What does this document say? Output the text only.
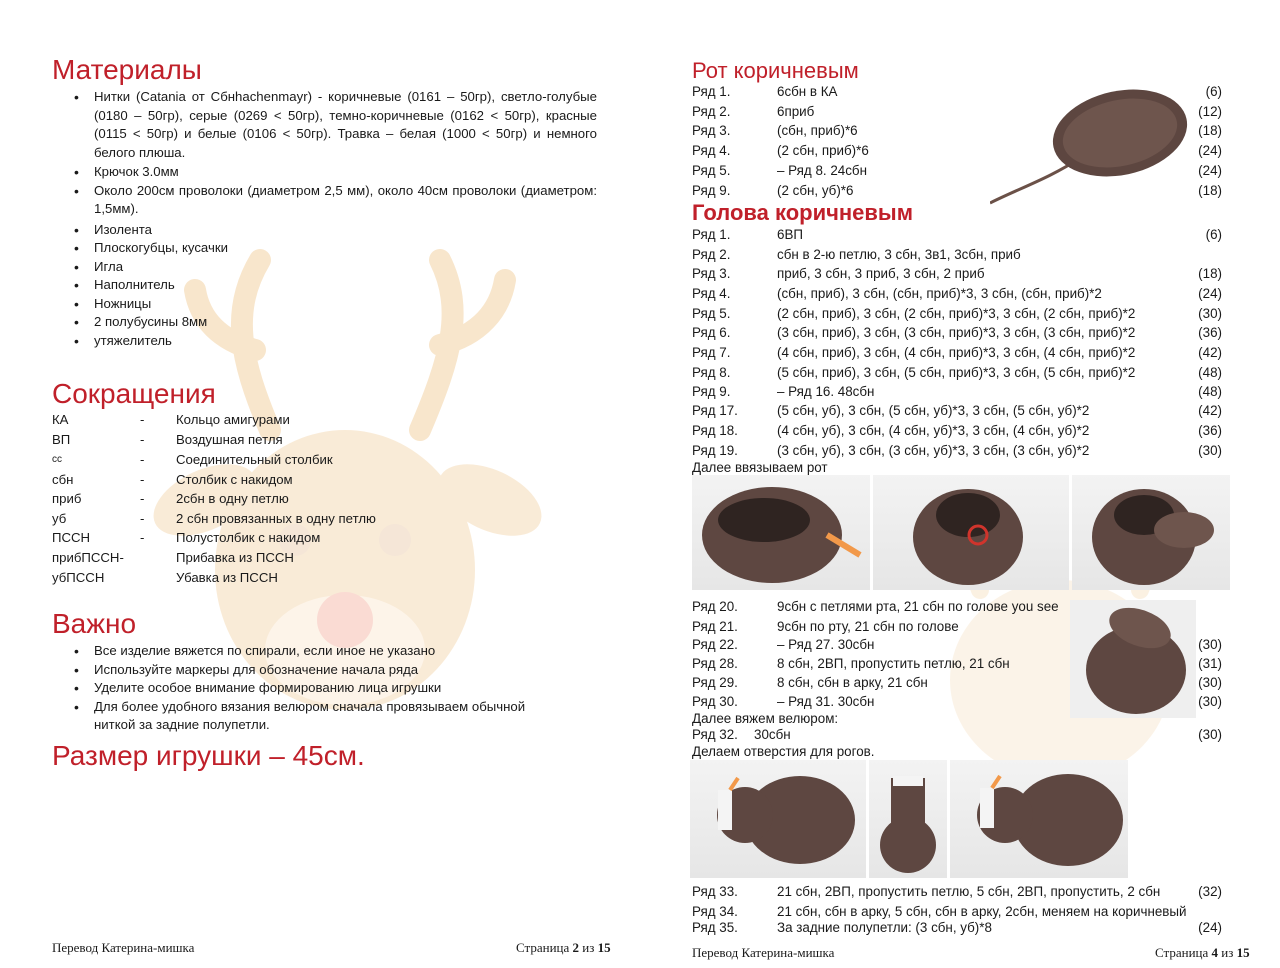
Материалы
• Нитки (Catania от Cбнhachenmayr) - коричневые (0161 – 50гр), светло-голубые (0180 – 50гр), серые (0269 < 50гр), темно-коричневые (0162 < 50гр), красные (0115 < 50гр) и белые (0106 < 50гр). Травка – белая (1000 < 50гр) и немного белого плюша.
• Крючок 3.0мм
• Около 200см проволоки (диаметром 2,5 мм), около 40см проволоки (диаметром: 1,5мм).
• Изолента
• Плоскогубцы, кусачки
• Игла
• Наполнитель
• Ножницы
• 2 полубусины 8мм
• утяжелитель
Сокращения
КА	- Кольцо амигурами
ВП	- Воздушная петля
сс	- Соединительный столбик
сбн	- Столбик с накидом
приб	- 2сбн в одну петлю
уб	- 2 сбн провязанных в одну петлю
ПССН	- Полустолбик с накидом
прибПССН-	Прибавка из ПССН
убПССН	Убавка из ПССН
Важно
• Все изделие вяжется по спирали, если иное не указано
• Используйте маркеры для обозначение начала ряда
• Уделите особое внимание формированию лица игрушки
• Для более удобного вязания велюром сначала провязываем обычной ниткой за задние полупетли.
Размер игрушки – 45см.
Перевод Катерина-мишка	Страница 2 из 15
Рот коричневым
Ряд 1.	6сбн в КА	(6)
Ряд 2.	6приб	(12)
Ряд 3.	(сбн, приб)*6	(18)
Ряд 4.	(2 сбн, приб)*6	(24)
Ряд 5.	– Ряд 8. 24сбн	(24)
Ряд 9.	(2 сбн, уб)*6	(18)
Голова коричневым
Ряд 1.	6ВП	(6)
Ряд 2.	сбн в 2-ю петлю, 3 сбн, 3в1, 3сбн, приб
Ряд 3.	приб, 3 сбн, 3 приб, 3 сбн, 2 приб	(18)
Ряд 4.	(сбн, приб), 3 сбн, (сбн, приб)*3, 3 сбн, (сбн, приб)*2	(24)
Ряд 5.	(2 сбн, приб), 3 сбн, (2 сбн, приб)*3, 3 сбн, (2 сбн, приб)*2	(30)
Ряд 6.	(3 сбн, приб), 3 сбн, (3 сбн, приб)*3, 3 сбн, (3 сбн, приб)*2	(36)
Ряд 7.	(4 сбн, приб), 3 сбн, (4 сбн, приб)*3, 3 сбн, (4 сбн, приб)*2	(42)
Ряд 8.	(5 сбн, приб), 3 сбн, (5 сбн, приб)*3, 3 сбн, (5 сбн, приб)*2	(48)
Ряд 9.	– Ряд 16. 48сбн	(48)
Ряд 17.	(5 сбн, уб), 3 сбн, (5 сбн, уб)*3, 3 сбн, (5 сбн, уб)*2	(42)
Ряд 18.	(4 сбн, уб), 3 сбн, (4 сбн, уб)*3, 3 сбн, (4 сбн, уб)*2	(36)
Ряд 19.	(3 сбн, уб), 3 сбн, (3 сбн, уб)*3, 3 сбн, (3 сбн, уб)*2	(30)
Далее ввязываем рот
Ряд 20.	9сбн с петлями рта, 21 сбн по голове you see
Ряд 21.	9сбн по рту, 21 сбн по голове
Ряд 22.	– Ряд 27. 30сбн	(30)
Ряд 28.	8 сбн, 2ВП, пропустить петлю, 21 сбн	(31)
Ряд 29.	8 сбн, сбн в арку, 21 сбн	(30)
Ряд 30.	– Ряд 31. 30сбн	(30)
Далее вяжем велюром:
Ряд 32. 30сбн	(30)
Делаем отверстия для рогов.
Ряд 33.	21 сбн, 2ВП, пропустить петлю, 5 сбн, 2ВП, пропустить, 2 сбн	(32)
Ряд 34.	21 сбн, сбн в арку, 5 сбн, сбн в арку, 2сбн, меняем на коричневый
Ряд 35.	За задние полупетли: (3 сбн, уб)*8	(24)
Перевод Катерина-мишка	Страница 4 из 15
